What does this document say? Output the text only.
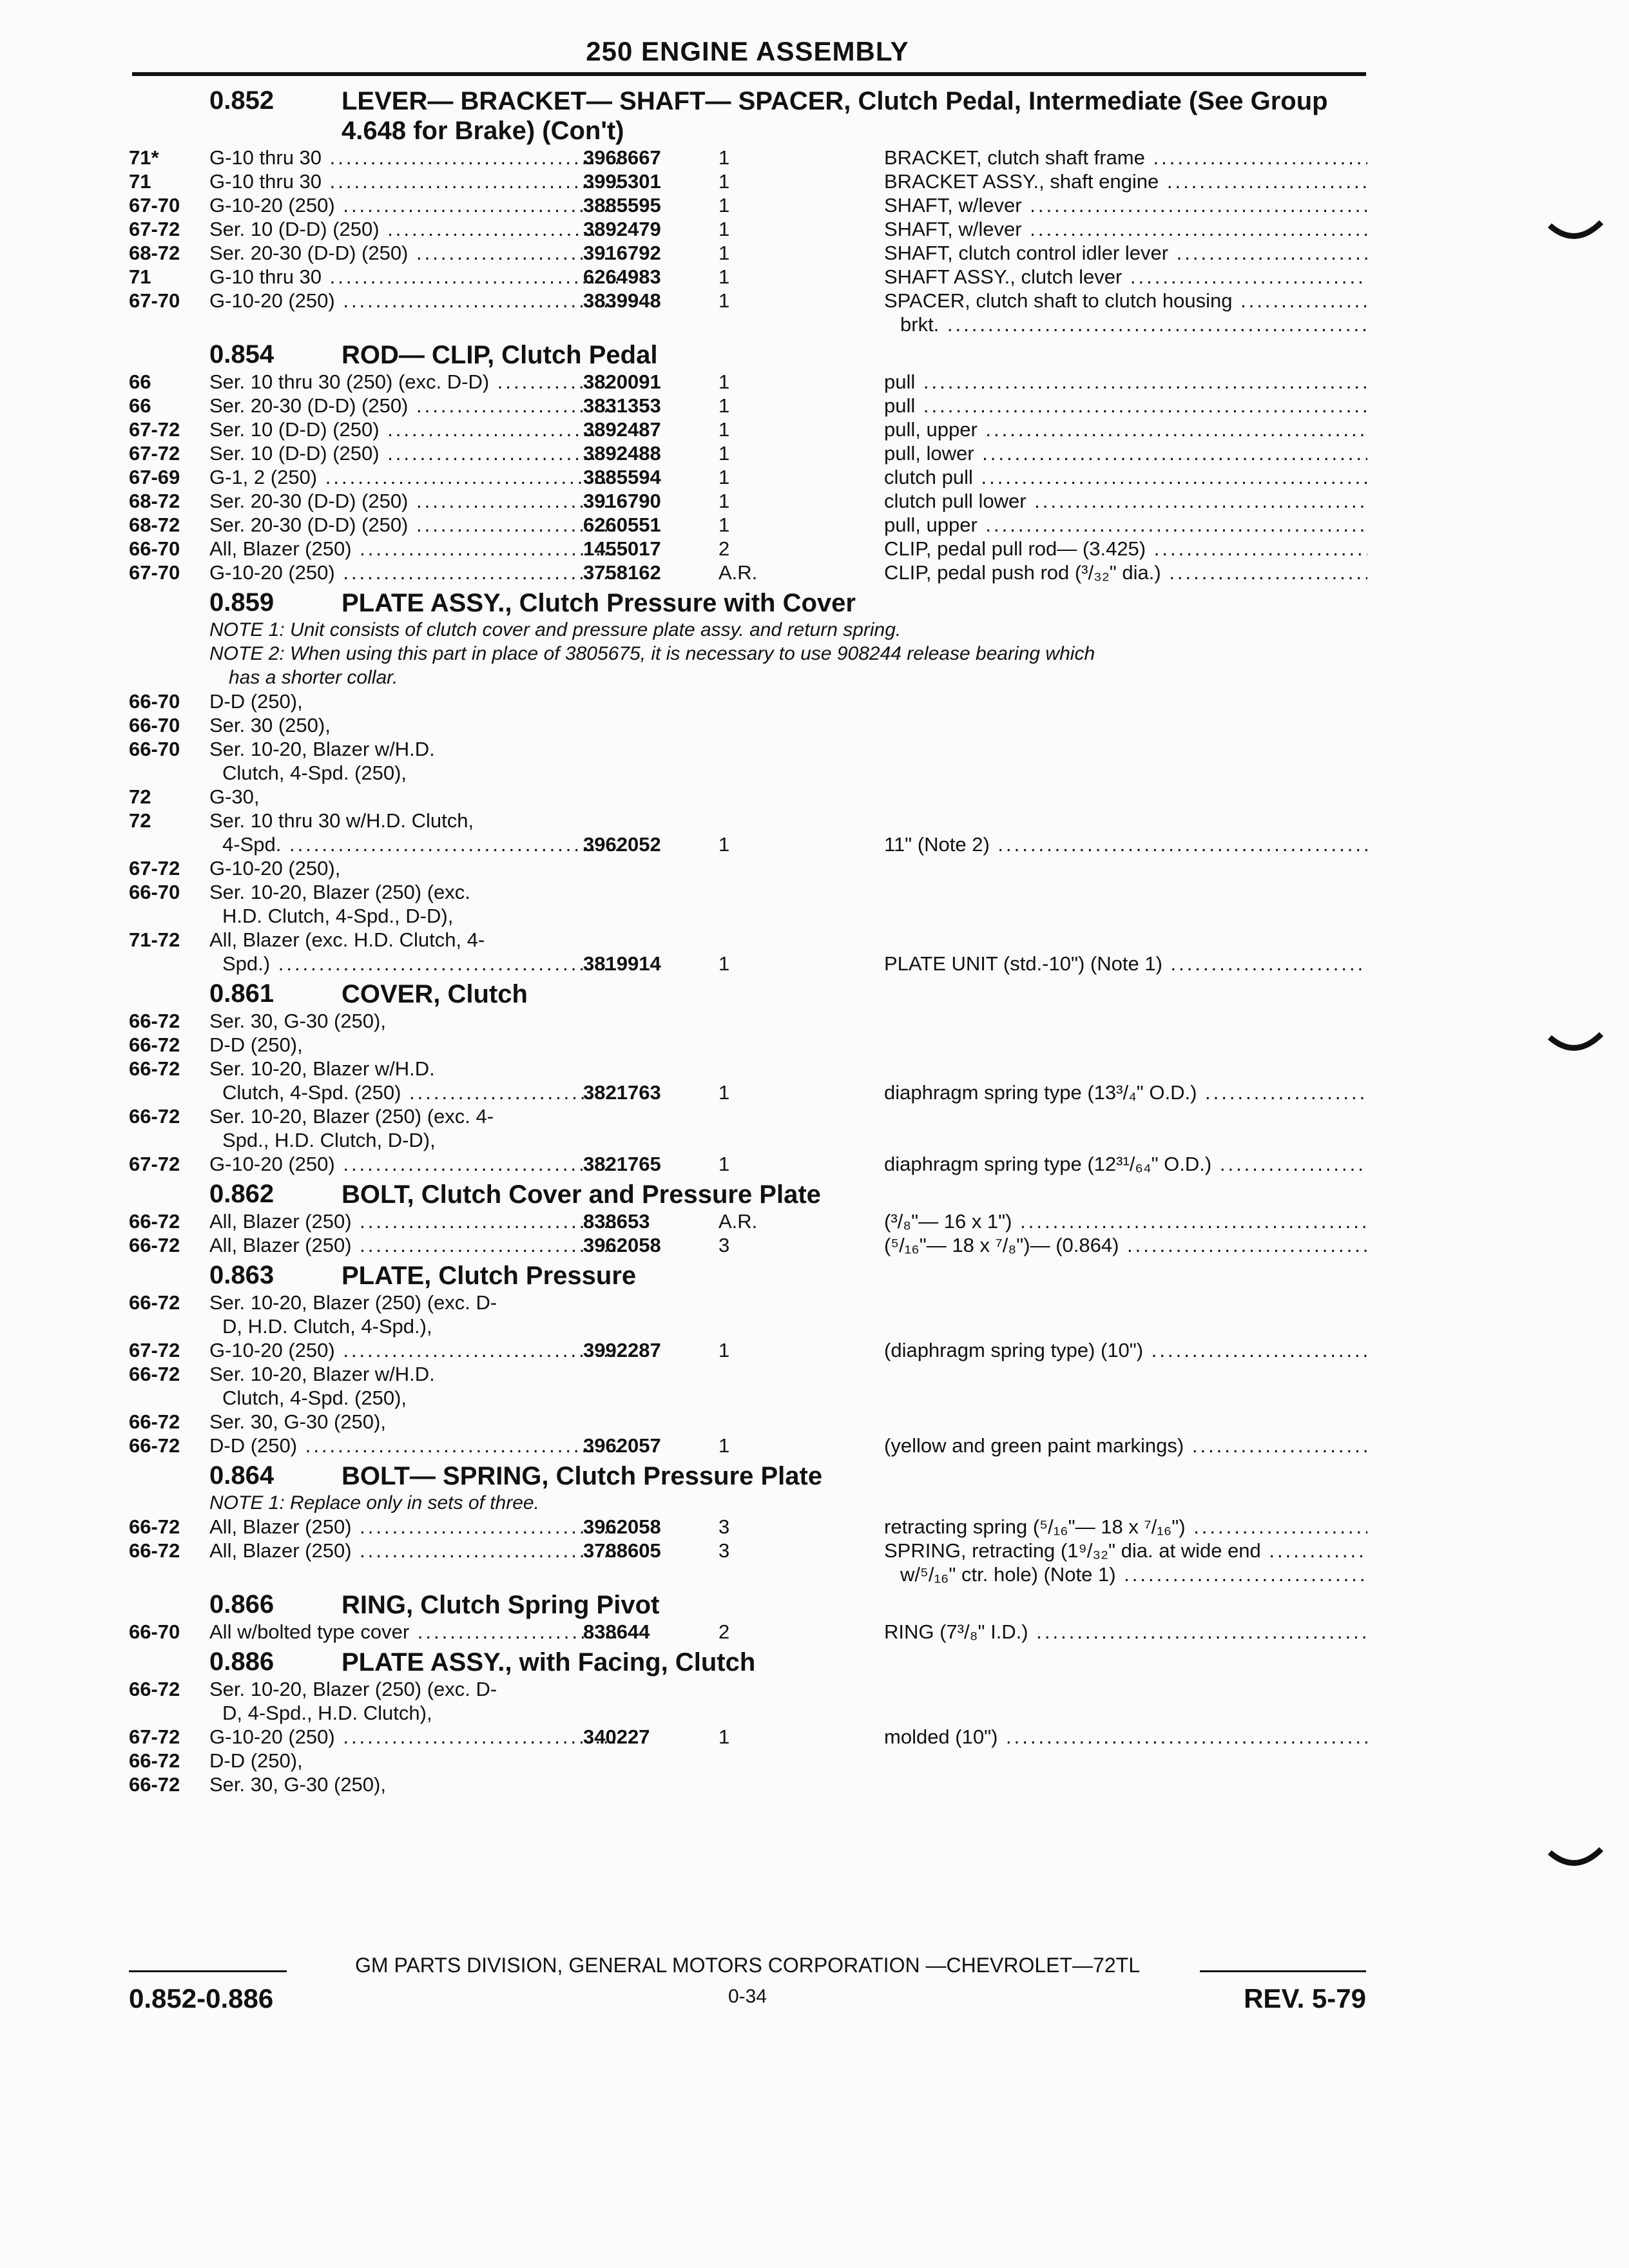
250 ENGINE ASSEMBLY
0.852	LEVER— BRACKET— SHAFT— SPACER, Clutch Pedal, Intermediate (See Group 4.648 for Brake) (Con't)
71*	G-10 thru 30 .....	3968667	1	BRACKET, clutch shaft frame .....
71	G-10 thru 30 .....	3995301	1	BRACKET ASSY., shaft engine .....
67-70 G-10-20 (250) .....	3885595	1	SHAFT, w/lever .....
67-72 Ser. 10 (D-D) (250) .....	3892479	1	SHAFT, w/lever .....
68-72 Ser. 20-30 (D-D) (250) .....	3916792	1	SHAFT, clutch control idler lever .....
71	G-10 thru 30 .....	6264983	1	SHAFT ASSY., clutch lever .....
67-70 G-10-20 (250) .....	3839948	1	SPACER, clutch shaft to clutch housing .....
brkt. .....
0.854	ROD— CLIP, Clutch Pedal
66	Ser. 10 thru 30 (250) (exc. D-D) .....	3820091	1	pull .....
66	Ser. 20-30 (D-D) (250) .....	3831353	1	pull .....
67-72 Ser. 10 (D-D) (250) .....	3892487	1	pull, upper .....
67-72 Ser. 10 (D-D) (250) .....	3892488	1	pull, lower .....
67-69 G-1, 2 (250) .....	3885594	1	clutch pull .....
68-72 Ser. 20-30 (D-D) (250) .....	3916790	1	clutch pull lower .....
68-72 Ser. 20-30 (D-D) (250) .....	6260551	1	pull, upper .....
66-70 All, Blazer (250) .....	1455017	2	CLIP, pedal pull rod— (3.425) .....
67-70 G-10-20 (250) .....	3758162	A.R.	CLIP, pedal push rod (³/₃₂" dia.) .....
0.859	PLATE ASSY., Clutch Pressure with Cover
NOTE 1: Unit consists of clutch cover and pressure plate assy. and return spring.
NOTE 2: When using this part in place of 3805675, it is necessary to use 908244 release bearing which
has a shorter collar.
66-70 D-D (250),
66-70 Ser. 30 (250),
66-70 Ser. 10-20, Blazer w/H.D.
Clutch, 4-Spd. (250),
72	G-30,
72	Ser. 10 thru 30 w/H.D. Clutch,
4-Spd. .....	3962052	1	11" (Note 2) .....
67-72 G-10-20 (250),
66-70 Ser. 10-20, Blazer (250) (exc.
H.D. Clutch, 4-Spd., D-D),
71-72 All, Blazer (exc. H.D. Clutch, 4-
Spd.) .....	3819914	1	PLATE UNIT (std.-10") (Note 1) .....
0.861	COVER, Clutch
66-72 Ser. 30, G-30 (250),
66-72 D-D (250),
66-72 Ser. 10-20, Blazer w/H.D.
Clutch, 4-Spd. (250) .....	3821763	1	diaphragm spring type (13³/₄" O.D.) .....
66-72 Ser. 10-20, Blazer (250) (exc. 4-
Spd., H.D. Clutch, D-D),
67-72 G-10-20 (250) .....	3821765	1	diaphragm spring type (12³¹/₆₄" O.D.) .....
0.862	BOLT, Clutch Cover and Pressure Plate
66-72 All, Blazer (250) .....	838653	A.R.	(³/₈"— 16 x 1") .....
66-72 All, Blazer (250) .....	3962058	3	(⁵/₁₆"— 18 x ⁷/₈")— (0.864) .....
0.863	PLATE, Clutch Pressure
66-72 Ser. 10-20, Blazer (250) (exc. D-
D, H.D. Clutch, 4-Spd.),
67-72 G-10-20 (250) .....	3992287	1	(diaphragm spring type) (10") .....
66-72 Ser. 10-20, Blazer w/H.D.
Clutch, 4-Spd. (250),
66-72 Ser. 30, G-30 (250),
66-72 D-D (250) .....	3962057	1	(yellow and green paint markings) .....
0.864	BOLT— SPRING, Clutch Pressure Plate
NOTE 1: Replace only in sets of three.
66-72 All, Blazer (250) .....	3962058	3	retracting spring (⁵/₁₆"— 18 x ⁷/₁₆") .....
66-72 All, Blazer (250) .....	3788605	3	SPRING, retracting (1⁹/₃₂" dia. at wide end .....
w/⁵/₁₆" ctr. hole) (Note 1) .....
0.866	RING, Clutch Spring Pivot
66-70 All w/bolted type cover .....	838644	2	RING (7³/₈" I.D.) .....
0.886	PLATE ASSY., with Facing, Clutch
66-72 Ser. 10-20, Blazer (250) (exc. D-
D, 4-Spd., H.D. Clutch),
67-72 G-10-20 (250) .....	340227	1	molded (10") .....
66-72 D-D (250),
66-72 Ser. 30, G-30 (250),
GM PARTS DIVISION, GENERAL MOTORS CORPORATION —CHEVROLET—72TL
0.852-0.886	0-34	REV. 5-79
